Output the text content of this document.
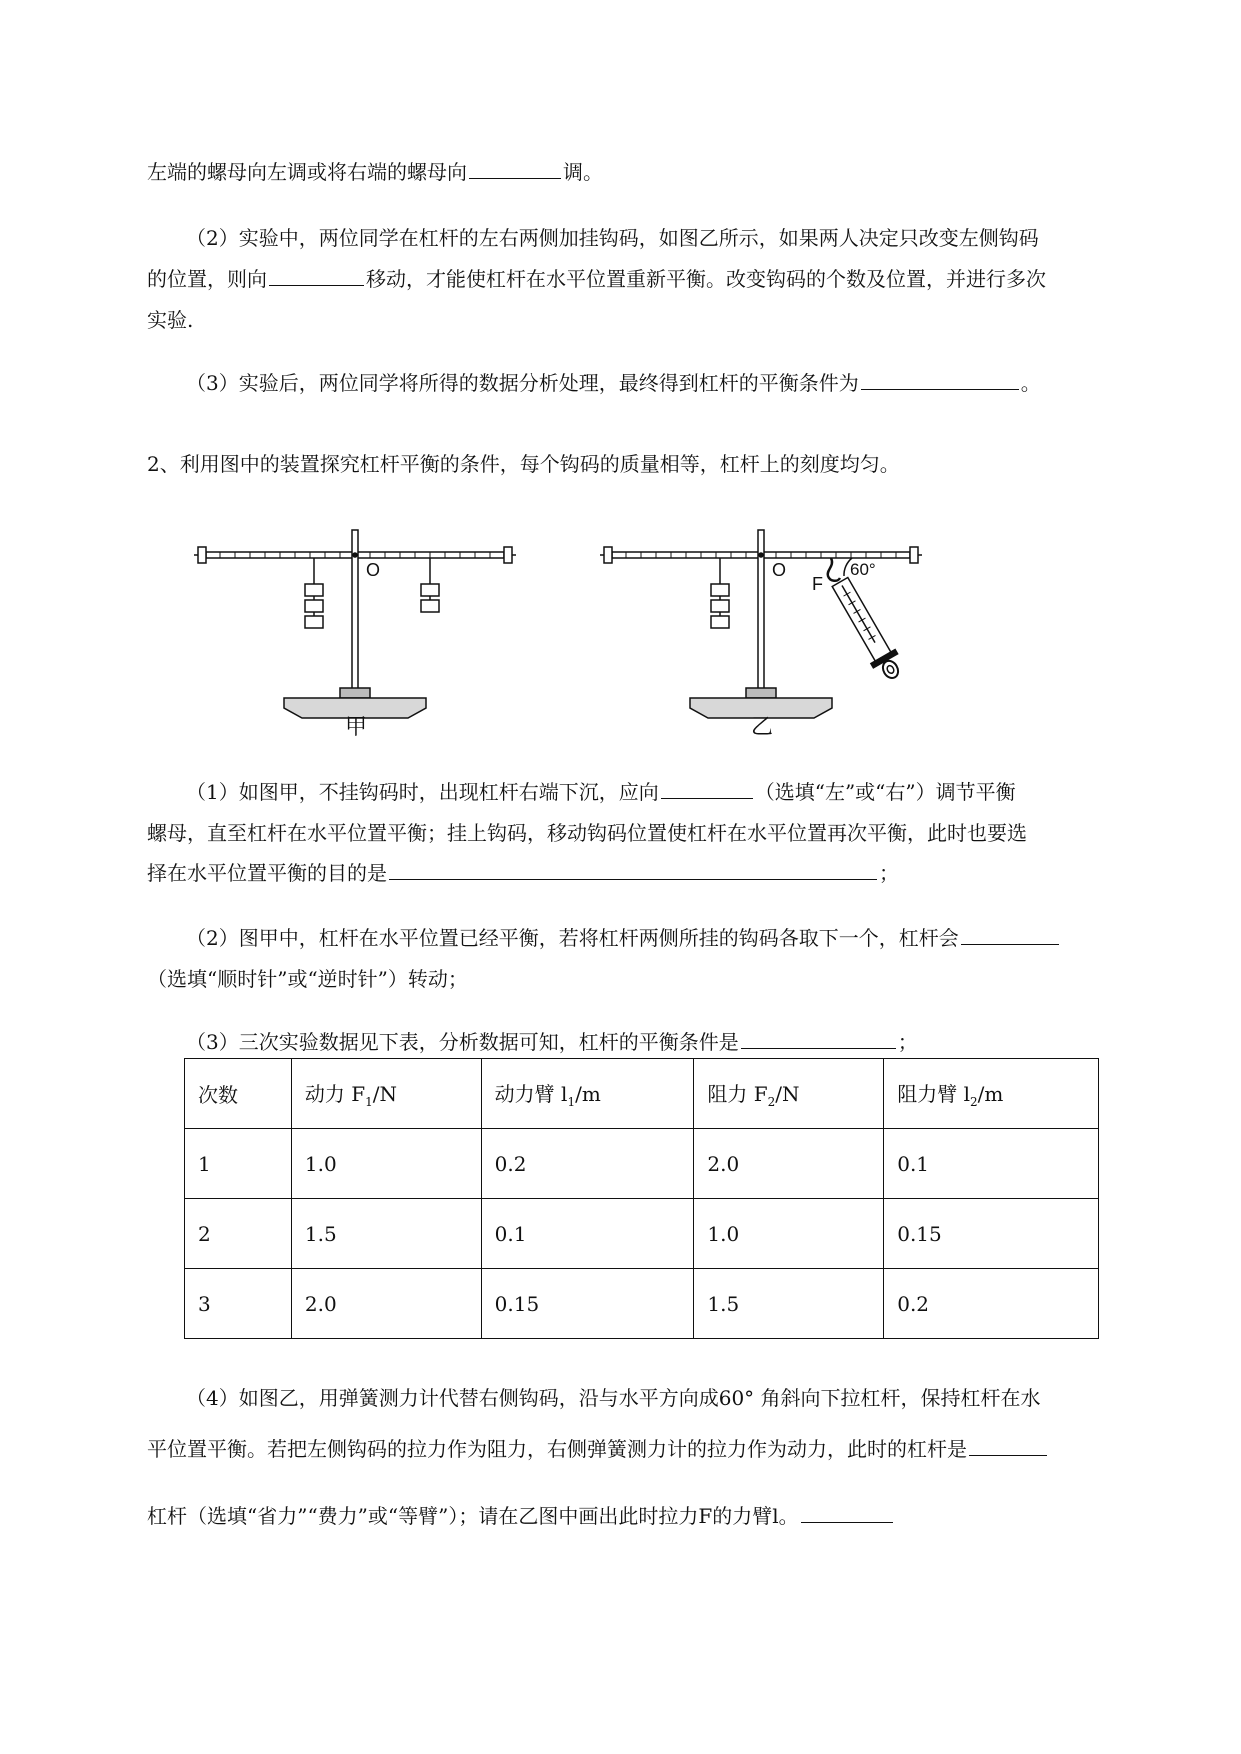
左端的螺母向左调或将右端的螺母向	调。
（2）实验中，两位同学在杠杆的左右两侧加挂钩码，如图乙所示，如果两人决定只改变左侧钩码
的位置，则向	移动，才能使杠杆在水平位置重新平衡。改变钩码的个数及位置，并进行多次
实验.
（3）实验后，两位同学将所得的数据分析处理，最终得到杠杆的平衡条件为	。
2、利用图中的装置探究杠杆平衡的条件，每个钩码的质量相等，杠杆上的刻度均匀。
O
甲
O	60°
F
乙
（1）如图甲，不挂钩码时，出现杠杆右端下沉，应向	（选填“左”或“右”）调节平衡
螺母，直至杠杆在水平位置平衡；挂上钩码，移动钩码位置使杠杆在水平位置再次平衡，此时也要选
择在水平位置平衡的目的是	；
（2）图甲中，杠杆在水平位置已经平衡，若将杠杆两侧所挂的钩码各取下一个，杠杆会
（选填“顺时针”或“逆时针”）转动；
（3）三次实验数据见下表，分析数据可知，杠杆的平衡条件是	；
次数	动力 $F_1/N$	动力臂 $l_1/m$	阻力 $F_2/N$	阻力臂 $l_2/m$
1	1.0	0.2	2.0	0.1
2	1.5	0.1	1.0	0.15
3	2.0	0.15	1.5	0.2
（4）如图乙，用弹簧测力计代替右侧钩码，沿与水平方向成60° 角斜向下拉杠杆，保持杠杆在水
平位置平衡。若把左侧钩码的拉力作为阻力，右侧弹簧测力计的拉力作为动力，此时的杠杆是
杠杆（选填“省力”“费力”或“等臂”）；请在乙图中画出此时拉力F的力臂l。
